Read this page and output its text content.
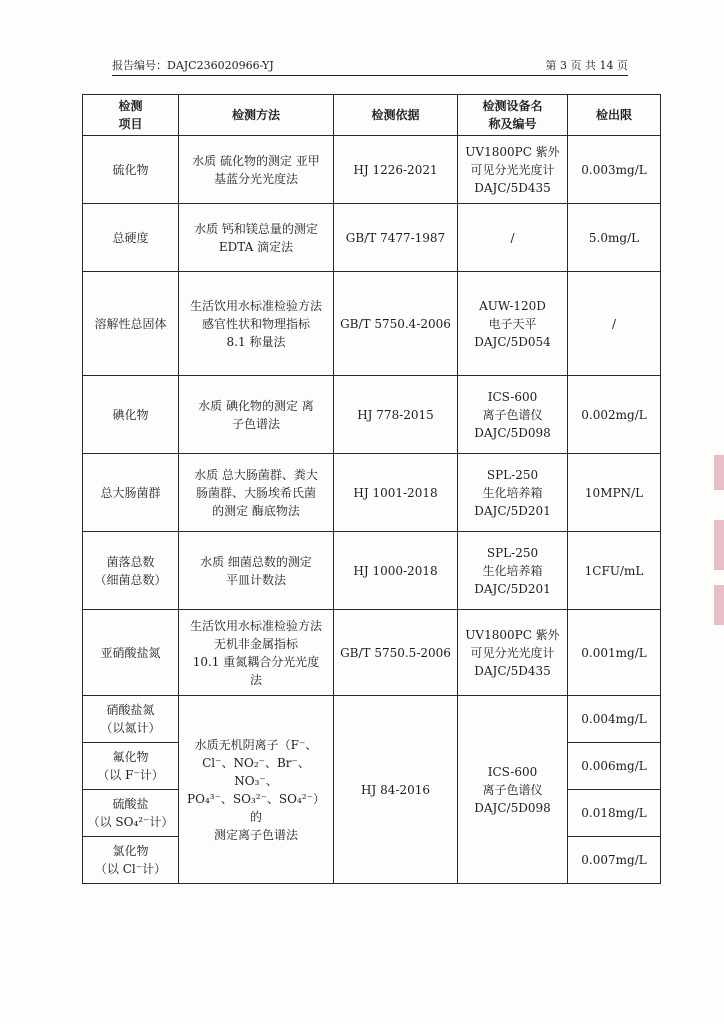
报告编号：DAJC236020966-YJ	第 3 页 共 14 页
检测
项目	检测方法	检测依据	检测设备名
称及编号	检出限

硫化物	水质 硫化物的测定 亚甲
基蓝分光光度法	HJ 1226-2021	UV1800PC 紫外
可见分光光度计
DAJC/5D435	0.003mg/L

总硬度	水质 钙和镁总量的测定
EDTA 滴定法	GB/T 7477-1987	/	5.0mg/L

溶解性总固体	生活饮用水标准检验方法
感官性状和物理指标
8.1 称量法	GB/T 5750.4-2006	AUW-120D
电子天平
DAJC/5D054	/

碘化物	水质 碘化物的测定 离
子色谱法	HJ 778-2015	ICS-600
离子色谱仪
DAJC/5D098	0.002mg/L

总大肠菌群	水质 总大肠菌群、粪大
肠菌群、大肠埃希氏菌
的测定 酶底物法	HJ 1001-2018	SPL-250
生化培养箱
DAJC/5D201	10MPN/L

菌落总数
（细菌总数）	水质 细菌总数的测定
平皿计数法	HJ 1000-2018	SPL-250
生化培养箱
DAJC/5D201	1CFU/mL

亚硝酸盐氮	生活饮用水标准检验方法
无机非金属指标
10.1 重氮耦合分光光度
法	GB/T 5750.5-2006	UV1800PC 紫外
可见分光光度计
DAJC/5D435	0.001mg/L

硝酸盐氮
（以氮计）	水质无机阴离子（F⁻、
Cl⁻、NO₂⁻、Br⁻、NO₃⁻、
PO₄³⁻、SO₃²⁻、SO₄²⁻）的
测定离子色谱法	HJ 84-2016	ICS-600
离子色谱仪
DAJC/5D098	0.004mg/L

氟化物
（以 F⁻计）				0.006mg/L

硫酸盐
（以 SO₄²⁻计）				0.018mg/L

氯化物
（以 Cl⁻计）				0.007mg/L
